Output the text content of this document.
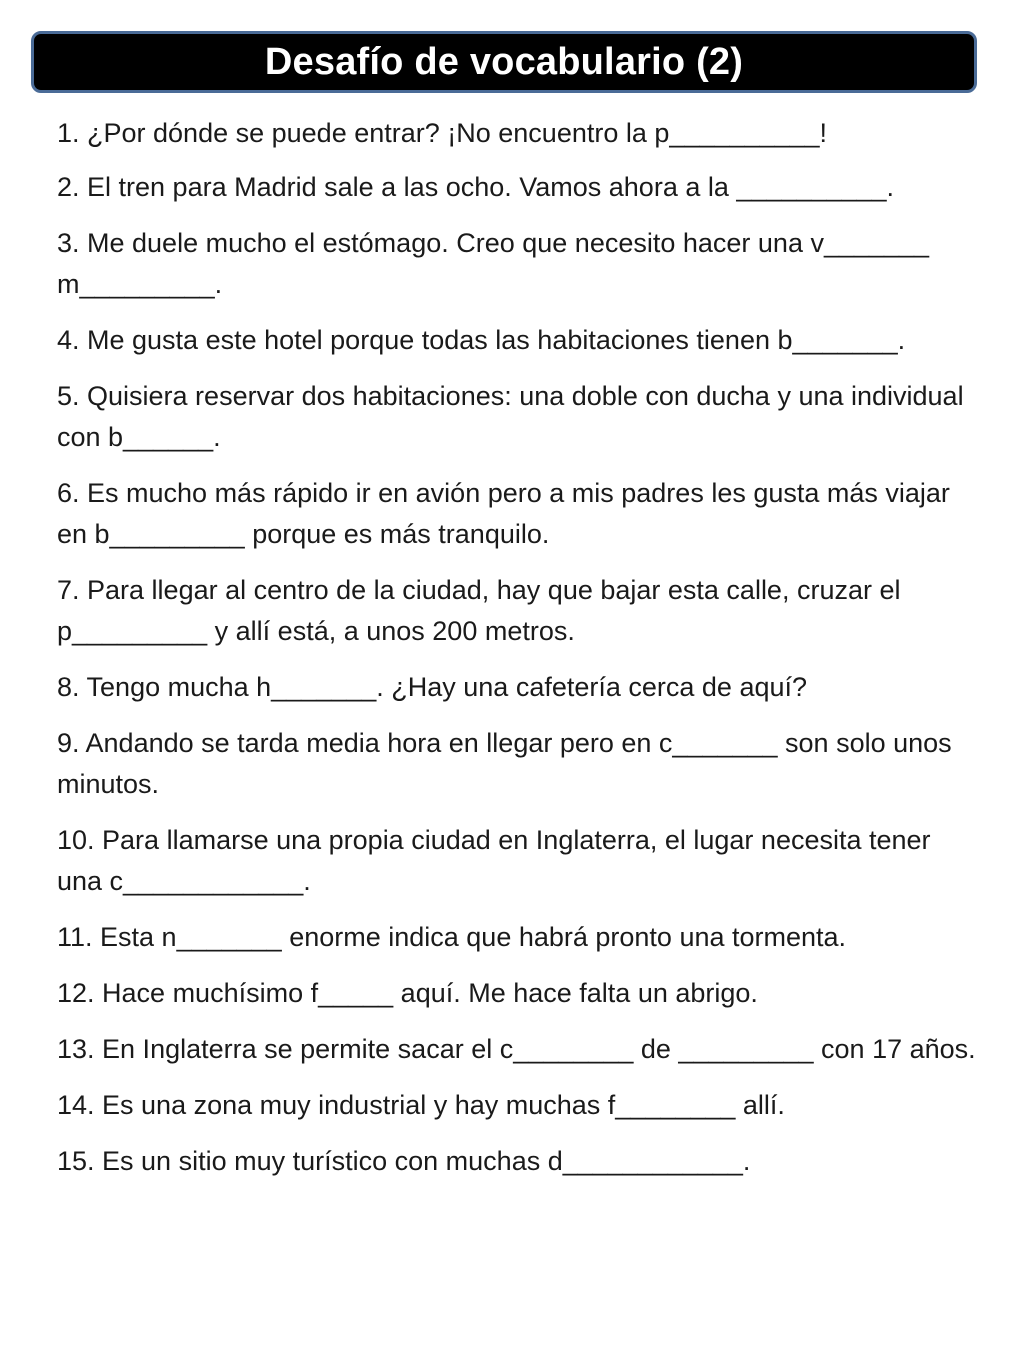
Desafío de vocabulario (2)

1. ¿Por dónde se puede entrar? ¡No encuentro la p__________!

2. El tren para Madrid sale a las ocho. Vamos ahora a la __________.

3. Me duele mucho el estómago. Creo que necesito hacer una v_______ m_________.

4. Me gusta este hotel porque todas las habitaciones tienen b_______.

5. Quisiera reservar dos habitaciones: una doble con ducha y una individual con b______.

6. Es mucho más rápido ir en avión pero a mis padres les gusta más viajar en b_________ porque es más tranquilo.

7. Para llegar al centro de la ciudad, hay que bajar esta calle, cruzar el p_________ y allí está, a unos 200 metros.

8. Tengo mucha h_______. ¿Hay una cafetería cerca de aquí?

9. Andando se tarda media hora en llegar pero en c_______ son solo unos minutos.

10. Para llamarse una propia ciudad en Inglaterra, el lugar necesita tener una c____________.

11. Esta n_______ enorme indica que habrá pronto una tormenta.

12. Hace muchísimo f_____ aquí. Me hace falta un abrigo.

13. En Inglaterra se permite sacar el c________ de _________ con 17 años.

14. Es una zona muy industrial y hay muchas f________ allí.

15. Es un sitio muy turístico con muchas d____________.
